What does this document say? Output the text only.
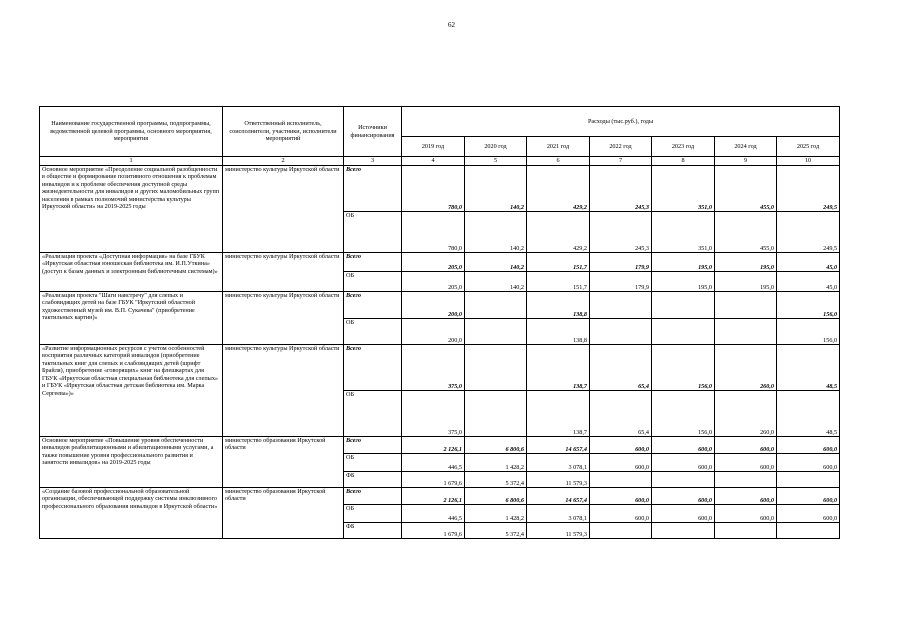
62
Наименование государственной программы, подпрограммы, ведомственной целевой программы, основного мероприятия, мероприятия	Ответственный исполнитель, соисполнители, участники, исполнители мероприятий	Источники финансирования	Расходы (тыс.руб.), годы						
			2019 год	2020 год	2021 год	2022 год	2023 год	2024 год	2025 год
1	2	3	4	5	6	7	8	9	10
Основное мероприятие «Преодоление социальной разобщенности в обществе и формирование позитивного отношения к проблемам инвалидов и к проблеме обеспечения доступной среды жизнедеятельности для инвалидов и других маломобильных групп населения в рамках полномочий министерства культуры Иркутской области» на 2019-2025 годы	министерство культуры Иркутской области	Всего	780,0	140,2	429,2	245,3	351,0	455,0	249,5
		ОБ	780,0	140,2	429,2	245,3	351,0	455,0	249,5
«Реализация проекта «Доступная информация» на базе ГБУК «Иркутская областная юношеская библиотека им. И.П.Уткина» (доступ к базам данных и электронным библиотечным системам)»	министерство культуры Иркутской области	Всего	205,0	140,2	151,7	179,9	195,0	195,0	45,0
		ОБ	205,0	140,2	151,7	179,9	195,0	195,0	45,0
«Реализация проекта "Шаги навстречу" для слепых и слабовидящих детей на базе ГБУК "Иркутский областной художественный музей им. В.П. Сукачева" (приобретение тактильных картин)»	министерство культуры Иркутской области	Всего	200,0		138,8				156,0
		ОБ	200,0		138,8				156,0
«Развитие информационных ресурсов с учетом особенностей восприятия различных категорий инвалидов (приобретение тактильных книг для слепых и слабовидящих детей (шрифт Брайля), приобретение «говорящих» книг на флешкартах для ГБУК «Иркутская областная специальная библиотека для слепых» и ГБУК «Иркутская областная детская библиотека им. Марка Сергеева»)»	министерство культуры Иркутской области	Всего	375,0		138,7	65,4	156,0	260,0	48,5
		ОБ	375,0		138,7	65,4	156,0	260,0	48,5
Основное мероприятие «Повышение уровня обеспеченности инвалидов реабилитационными и абилитационными услугами, а также повышение уровня профессионального развития и занятости инвалидов» на 2019-2025 годы	министерство образования Иркутской области	Всего	2 126,1	6 800,6	14 657,4	600,0	600,0	600,0	600,0
		ОБ	446,5	1 428,2	3 078,1	600,0	600,0	600,0	600,0
		ФБ	1 679,6	5 372,4	11 579,3				
«Создание базовой профессиональной образовательной организации, обеспечивающей поддержку системы инклюзивного профессионального образования инвалидов в Иркутской области»	министерство образования Иркутской области	Всего	2 126,1	6 800,6	14 657,4	600,0	600,0	600,0	600,0
		ОБ	446,5	1 428,2	3 078,1	600,0	600,0	600,0	600,0
		ФБ	1 679,6	5 372,4	11 579,3				
